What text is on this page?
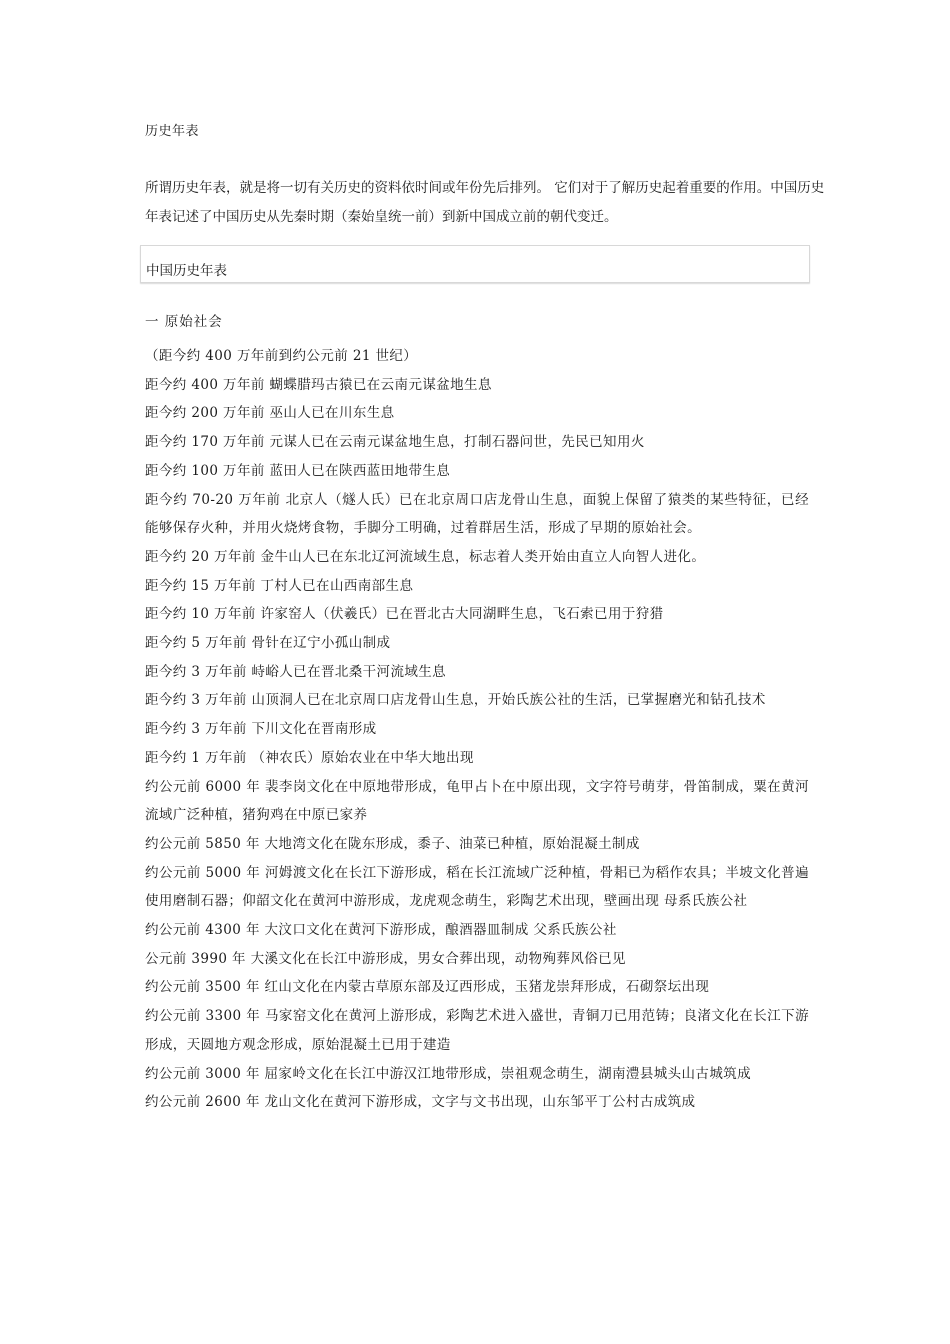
历史年表
所谓历史年表，就是将一切有关历史的资料依时间或年份先后排列。 它们对于了解历史起着重要的作用。中国历史年表记述了中国历史从先秦时期（秦始皇统一前）到新中国成立前的朝代变迁。
中国历史年表
一 原始社会
（距今约 400 万年前到约公元前 21 世纪）
距今约 400 万年前 蝴蝶腊玛古猿已在云南元谋盆地生息
距今约 200 万年前 巫山人已在川东生息
距今约 170 万年前 元谋人已在云南元谋盆地生息，打制石器问世，先民已知用火
距今约 100 万年前 蓝田人已在陕西蓝田地带生息
距今约 70-20 万年前 北京人（燧人氏）已在北京周口店龙骨山生息，面貌上保留了猿类的某些特征，已经能够保存火种，并用火烧烤食物，手脚分工明确，过着群居生活，形成了早期的原始社会。
距今约 20 万年前 金牛山人已在东北辽河流域生息，标志着人类开始由直立人向智人进化。
距今约 15 万年前 丁村人已在山西南部生息
距今约 10 万年前 许家窑人（伏羲氏）已在晋北古大同湖畔生息，飞石索已用于狩猎
距今约 5 万年前 骨针在辽宁小孤山制成
距今约 3 万年前 峙峪人已在晋北桑干河流域生息
距今约 3 万年前 山顶洞人已在北京周口店龙骨山生息，开始氏族公社的生活，已掌握磨光和钻孔技术
距今约 3 万年前 下川文化在晋南形成
距今约 1 万年前 （神农氏）原始农业在中华大地出现
约公元前 6000 年 裴李岗文化在中原地带形成，龟甲占卜在中原出现，文字符号萌芽，骨笛制成，粟在黄河流域广泛种植，猪狗鸡在中原已家养
约公元前 5850 年 大地湾文化在陇东形成，黍子、油菜已种植，原始混凝土制成
约公元前 5000 年 河姆渡文化在长江下游形成，稻在长江流域广泛种植，骨耜已为稻作农具；半坡文化普遍使用磨制石器；仰韶文化在黄河中游形成，龙虎观念萌生，彩陶艺术出现，壁画出现 母系氏族公社
约公元前 4300 年 大汶口文化在黄河下游形成，酿酒器皿制成 父系氏族公社
公元前 3990 年 大溪文化在长江中游形成，男女合葬出现，动物殉葬风俗已见
约公元前 3500 年 红山文化在内蒙古草原东部及辽西形成，玉猪龙崇拜形成，石砌祭坛出现
约公元前 3300 年 马家窑文化在黄河上游形成，彩陶艺术进入盛世，青铜刀已用范铸；良渚文化在长江下游形成，天圆地方观念形成，原始混凝土已用于建造
约公元前 3000 年 屈家岭文化在长江中游汉江地带形成，崇祖观念萌生，湖南澧县城头山古城筑成
约公元前 2600 年 龙山文化在黄河下游形成，文字与文书出现，山东邹平丁公村古成筑成
